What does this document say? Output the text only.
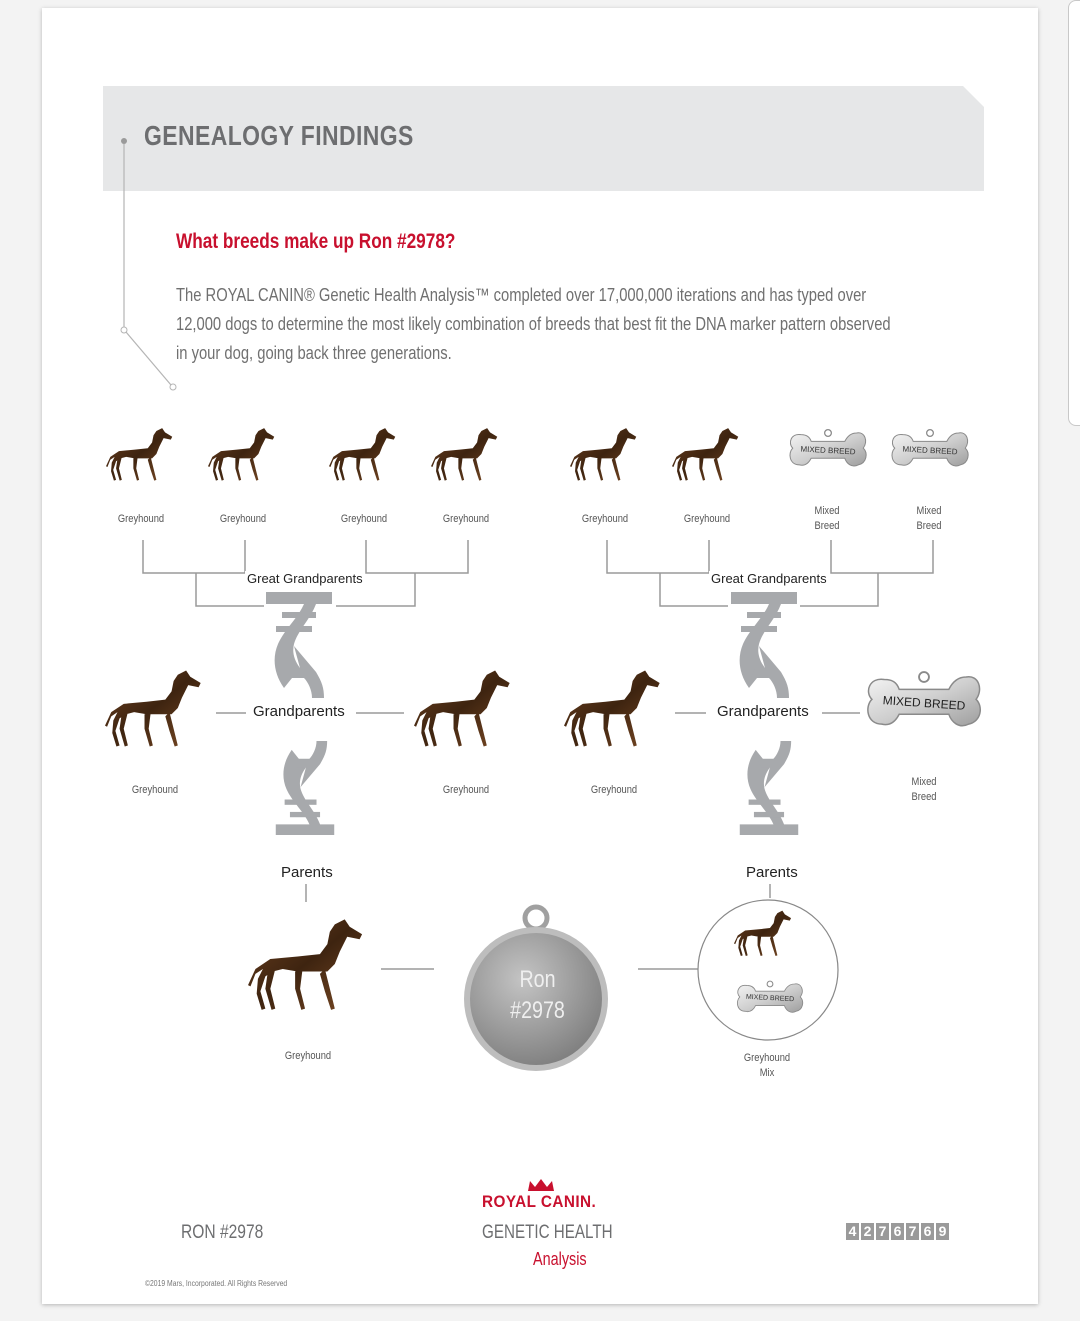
GENEALOGY FINDINGS
What breeds make up Ron #2978?
The ROYAL CANIN® Genetic Health Analysis™ completed over 17,000,000 iterations and has typed over 12,000 dogs to determine the most likely combination of breeds that best fit the DNA marker pattern observed in your dog, going back three generations.
MIXED BREED	MIXED BREED
Greyhound	Greyhound	Greyhound	Greyhound	Greyhound	Greyhound
Mixed Breed
Mixed Breed
Great Grandparents	Great Grandparents
MIXED BREED
Grandparents	Grandparents
Greyhound	Greyhound	Greyhound
Mixed Breed
Parents	Parents
Greyhound
Ron
#2978	MIXED BREED
Greyhound Mix
RON #2978
ROYAL CANIN.
GENETIC HEALTH
Analysis
©2019 Mars, Incorporated. All Rights Reserved
4 2 7 6 7 6 9
